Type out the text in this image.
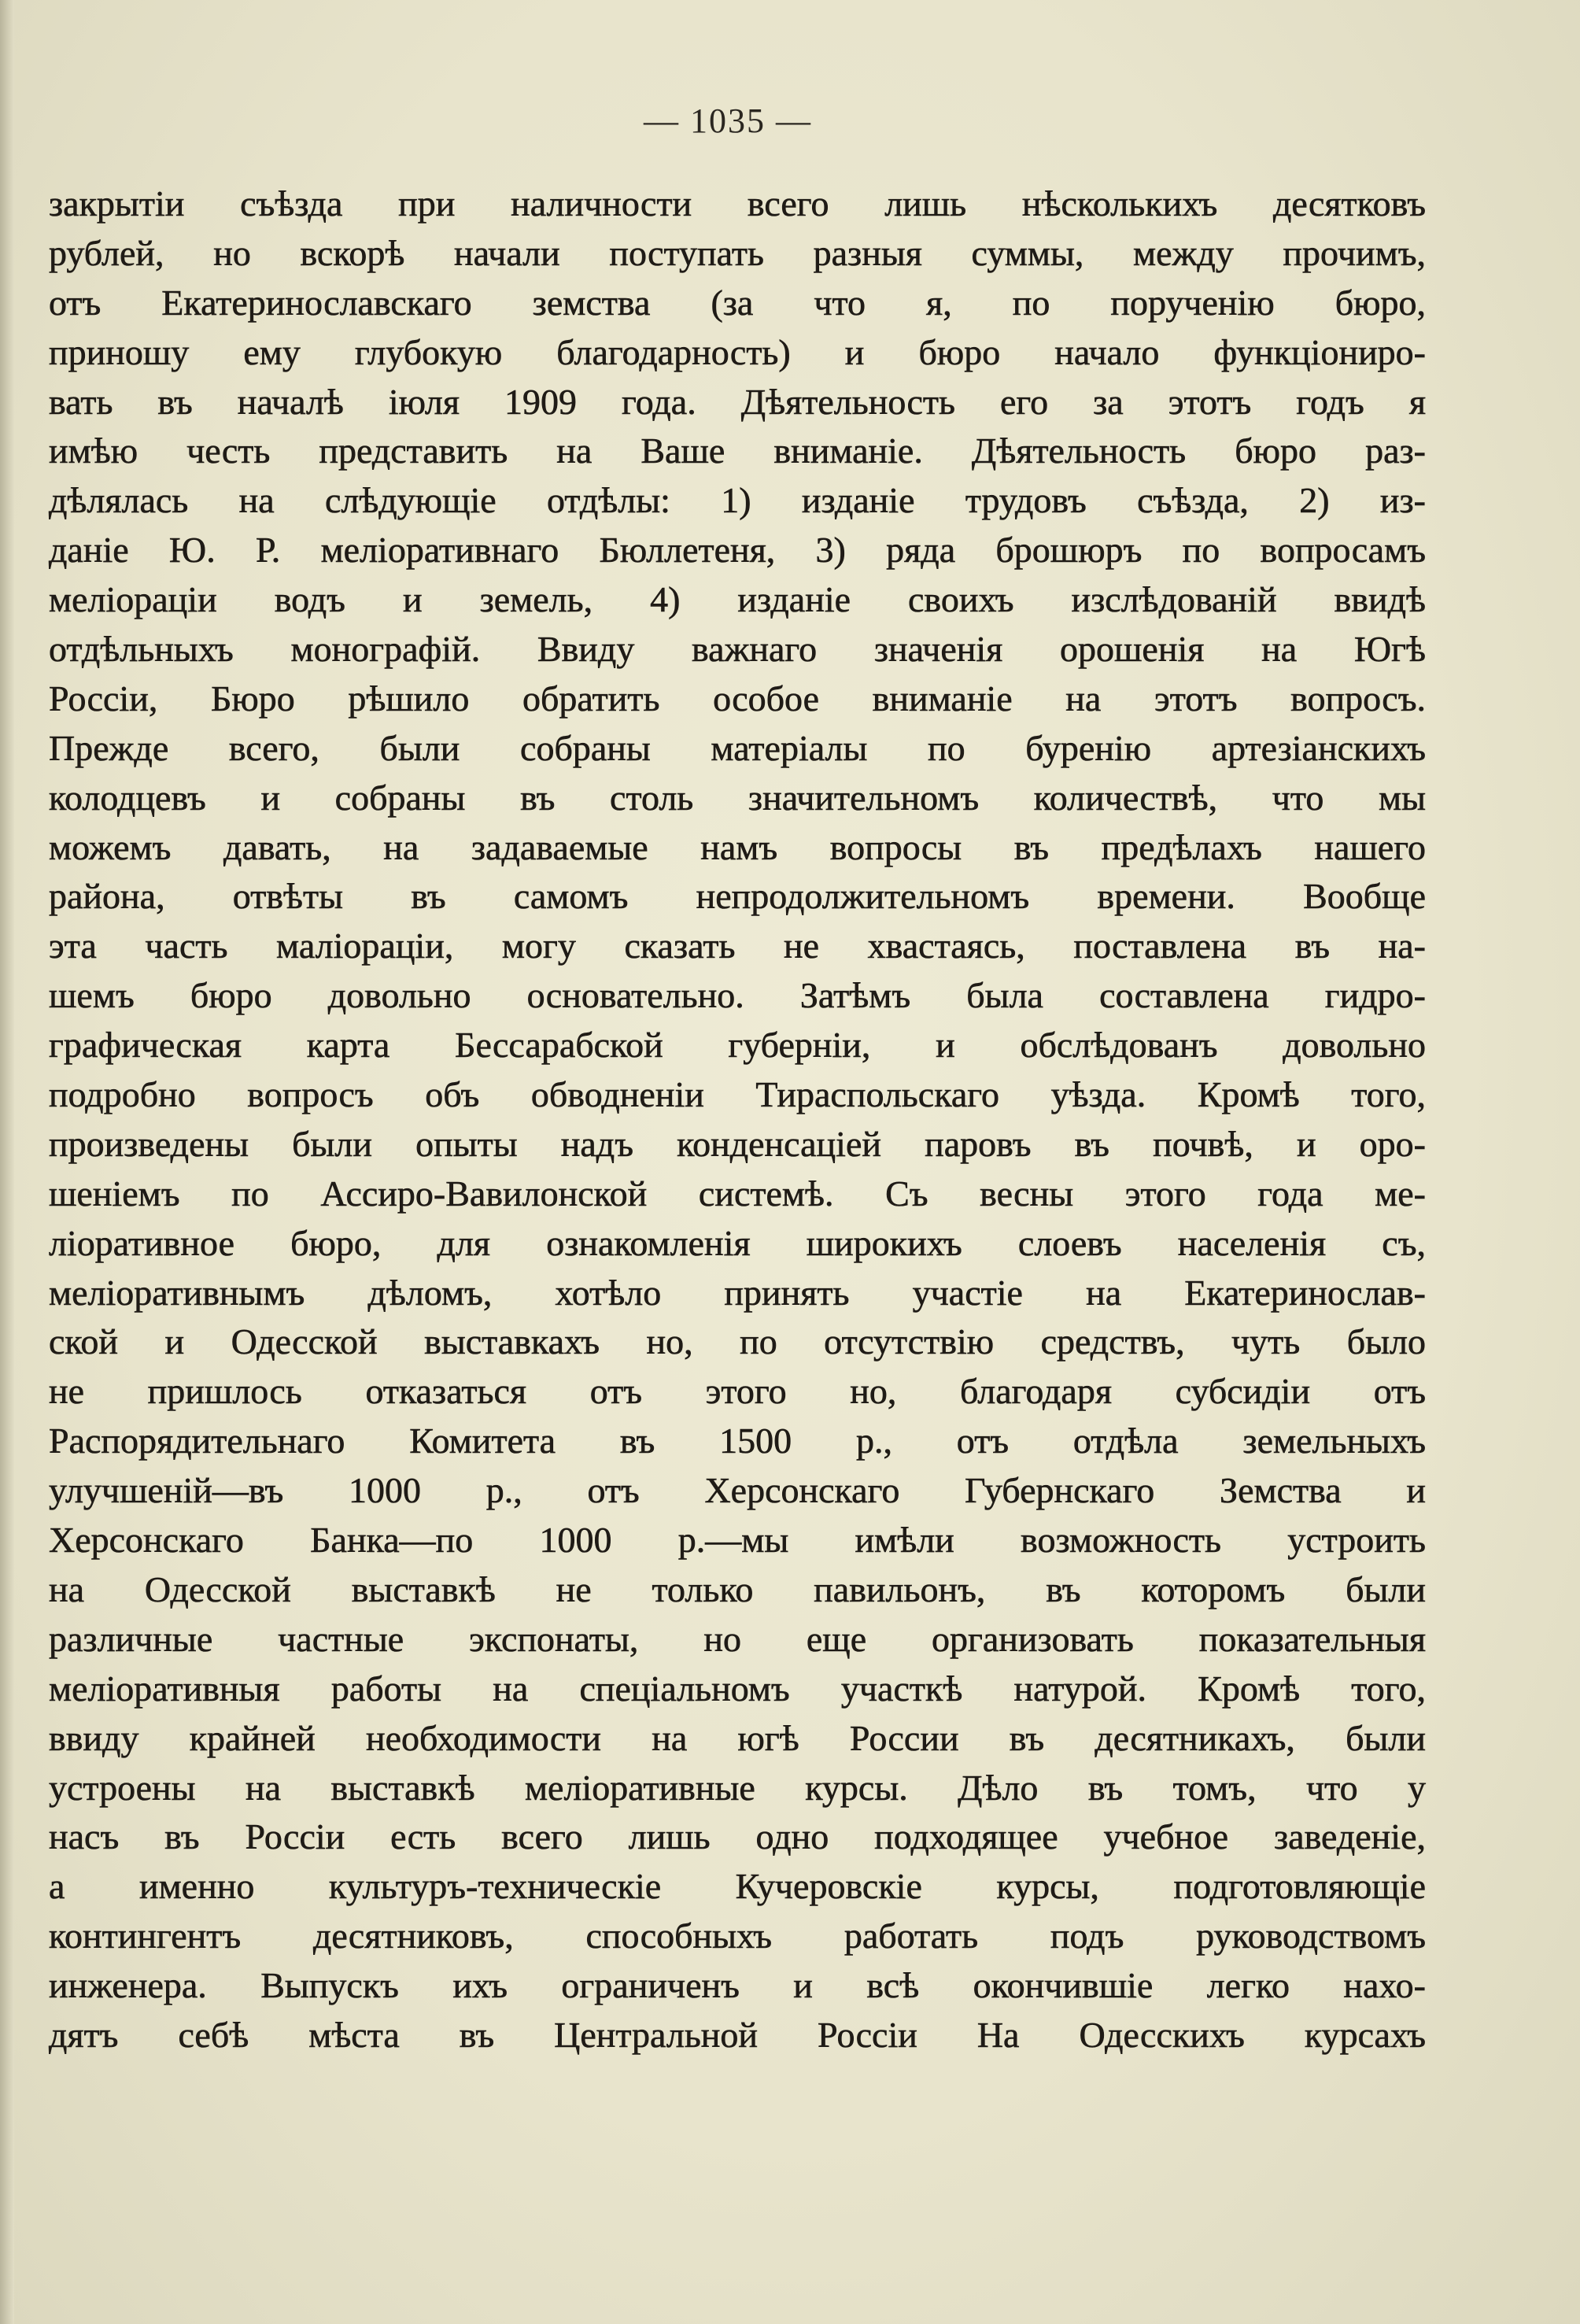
— 1035 —
закрытіи съѣзда при наличности всего лишь нѣсколькихъ десятковъ
рублей, но вскорѣ начали поступать разныя суммы, между прочимъ,
отъ Екатеринославскаго земства (за что я, по порученію бюро,
приношу ему глубокую благодарность) и бюро начало функціониро-
вать въ началѣ іюля 1909 года. Дѣятельность его за этотъ годъ я
имѣю честь представить на Ваше вниманіе. Дѣятельность бюро раз-
дѣлялась на слѣдующіе отдѣлы: 1) изданіе трудовъ съѣзда, 2) из-
даніе Ю. Р. меліоративнаго Бюллетеня, 3) ряда брошюръ по вопросамъ
меліораціи водъ и земель, 4) изданіе своихъ изслѣдованій ввидѣ
отдѣльныхъ монографій. Ввиду важнаго значенія орошенія на Югѣ
Россіи, Бюро рѣшило обратить особое вниманіе на этотъ вопросъ.
Прежде всего, были собраны матеріалы по буренію артезіанскихъ
колодцевъ и собраны въ столь значительномъ количествѣ, что мы
можемъ давать, на задаваемые намъ вопросы въ предѣлахъ нашего
района, отвѣты въ самомъ непродолжительномъ времени. Вообще
эта часть маліораціи, могу сказать не хвастаясь, поставлена въ на-
шемъ бюро довольно основательно. Затѣмъ была составлена гидро-
графическая карта Бессарабской губерніи, и обслѣдованъ довольно
подробно вопросъ объ обводненіи Тираспольскаго уѣзда. Кромѣ того,
произведены были опыты надъ конденсаціей паровъ въ почвѣ, и оро-
шеніемъ по Ассиро-Вавилонской системѣ. Съ весны этого года ме-
ліоративное бюро, для ознакомленія широкихъ слоевъ населенія съ,
меліоративнымъ дѣломъ, хотѣло принять участіе на Екатеринослав-
ской и Одесской выставкахъ но, по отсутствію средствъ, чуть было
не пришлось отказаться отъ этого но, благодаря субсидіи отъ
Распорядительнаго Комитета въ 1500 р., отъ отдѣла земельныхъ
улучшеній—въ 1000 р., отъ Херсонскаго Губернскаго Земства и
Херсонскаго Банка—по 1000 р.—мы имѣли возможность устроить
на Одесской выставкѣ не только павильонъ, въ которомъ были
различные частные экспонаты, но еще организовать показательныя
меліоративныя работы на спеціальномъ участкѣ натурой. Кромѣ того,
ввиду крайней необходимости на югѣ России въ десятникахъ, были
устроены на выставкѣ меліоративные курсы. Дѣло въ томъ, что у
насъ въ Россіи есть всего лишь одно подходящее учебное заведеніе,
а именно культуръ-техническіе Кучеровскіе курсы, подготовляющіе
контингентъ десятниковъ, способныхъ работать подъ руководствомъ
инженера. Выпускъ ихъ ограниченъ и всѣ окончившіе легко нахо-
дятъ себѣ мѣста въ Центральной Россіи На Одесскихъ курсахъ
